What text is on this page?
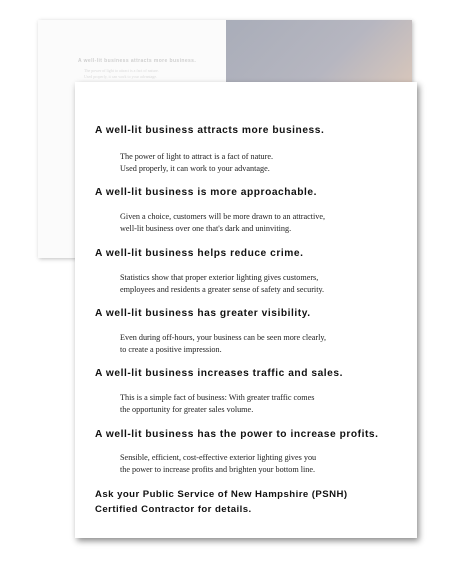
A well-lit business attracts more business.
The power of light to attract is a fact of nature.
Used properly, it can work to your advantage.
A well-lit business attracts more business.
The power of light to attract is a fact of nature.
Used properly, it can work to your advantage.
A well-lit business is more approachable.
Given a choice, customers will be more drawn to an attractive,
well-lit business over one that's dark and uninviting.
A well-lit business helps reduce crime.
Statistics show that proper exterior lighting gives customers,
employees and residents a greater sense of safety and security.
A well-lit business has greater visibility.
Even during off-hours, your business can be seen more clearly,
to create a positive impression.
A well-lit business increases traffic and sales.
This is a simple fact of business: With greater traffic comes
the opportunity for greater sales volume.
A well-lit business has the power to increase profits.
Sensible, efficient, cost-effective exterior lighting gives you
the power to increase profits and brighten your bottom line.
Ask your Public Service of New Hampshire (PSNH)
Certified Contractor for details.
